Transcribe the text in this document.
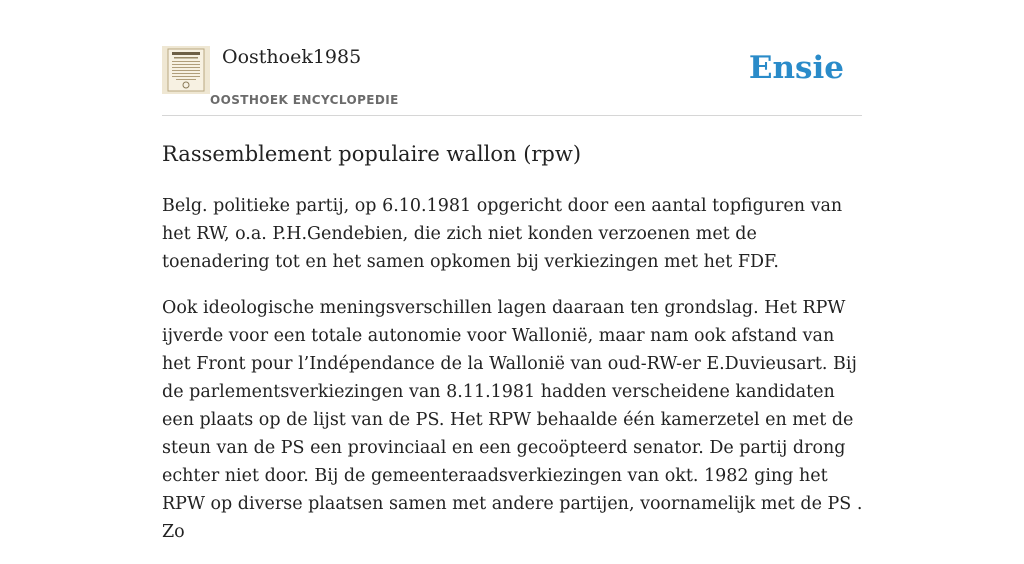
Oosthoek1985
OOSTHOEK ENCYCLOPEDIE
Ensie
Rassemblement populaire wallon (rpw)

Belg. politieke partij, op 6.10.1981 opgericht door een aantal topfiguren van het RW, o.a. P.H.Gendebien, die zich niet konden verzoenen met de toenadering tot en het samen opkomen bij verkiezingen met het FDF.

Ook ideologische meningsverschillen lagen daaraan ten grondslag. Het RPW ijverde voor een totale autonomie voor Wallonië, maar nam ook afstand van het Front pour l’Indépendance de la Wallonië van oud-RW-er E.Duvieusart. Bij de parlementsverkiezingen van 8.11.1981 hadden verscheidene kandidaten een plaats op de lijst van de PS. Het RPW behaalde één kamerzetel en met de steun van de PS een provinciaal en een gecoöpteerd senator. De partij drong echter niet door. Bij de gemeenteraadsverkiezingen van okt. 1982 ging het RPW op diverse plaatsen samen met andere partijen, voornamelijk met de PS . Zo
